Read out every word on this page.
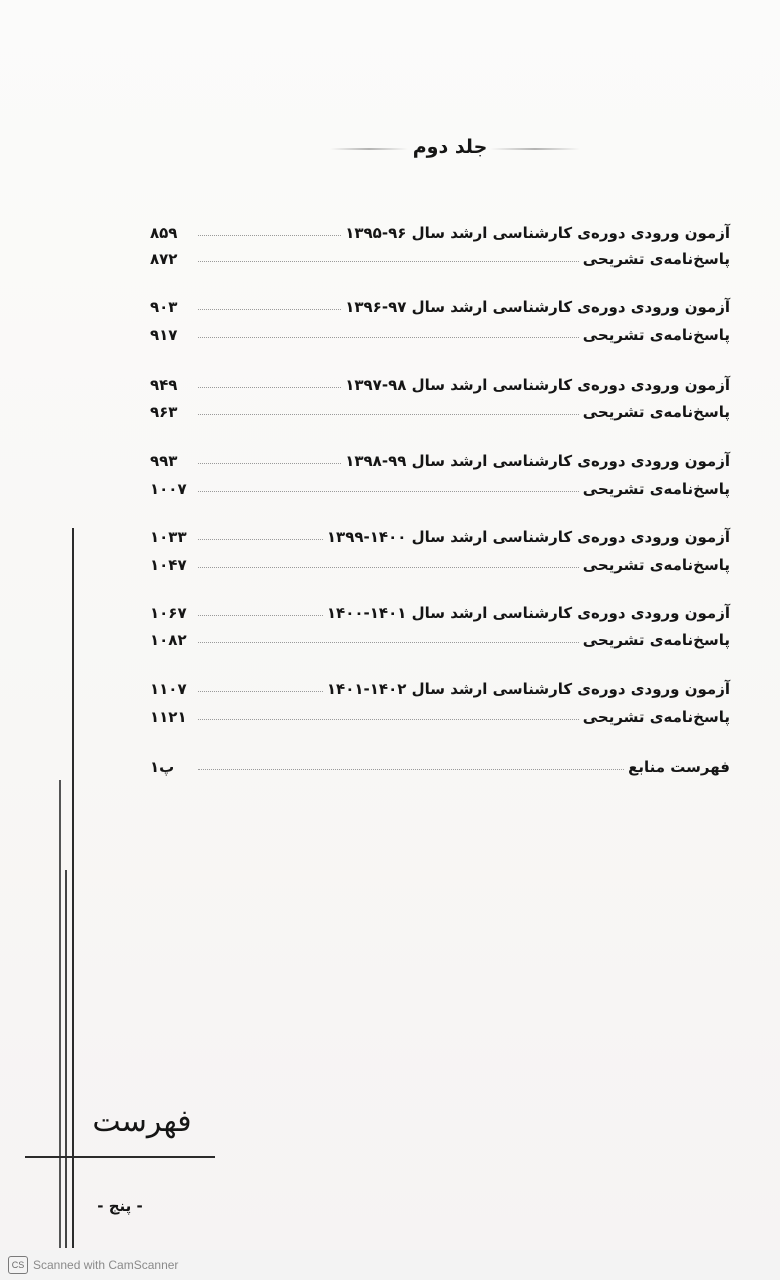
جلد دوم
آزمون ورودی دوره‌ی کارشناسی ارشد سال ۹۶-۱۳۹۵
۸۵۹
پاسخ‌نامه‌ی تشریحی
۸۷۲
آزمون ورودی دوره‌ی کارشناسی ارشد سال ۹۷-۱۳۹۶
۹۰۳
پاسخ‌نامه‌ی تشریحی
۹۱۷
آزمون ورودی دوره‌ی کارشناسی ارشد سال ۹۸-۱۳۹۷
۹۴۹
پاسخ‌نامه‌ی تشریحی
۹۶۳
آزمون ورودی دوره‌ی کارشناسی ارشد سال ۹۹-۱۳۹۸
۹۹۳
پاسخ‌نامه‌ی تشریحی
۱۰۰۷
آزمون ورودی دوره‌ی کارشناسی ارشد سال ۱۴۰۰-۱۳۹۹
۱۰۳۳
پاسخ‌نامه‌ی تشریحی
۱۰۴۷
آزمون ورودی دوره‌ی کارشناسی ارشد سال ۱۴۰۱-۱۴۰۰
۱۰۶۷
پاسخ‌نامه‌ی تشریحی
۱۰۸۲
آزمون ورودی دوره‌ی کارشناسی ارشد سال ۱۴۰۲-۱۴۰۱
۱۱۰۷
پاسخ‌نامه‌ی تشریحی
۱۱۲۱
فهرست منابع
پ۱
فهرست
- پنج -
CS Scanned with CamScanner
